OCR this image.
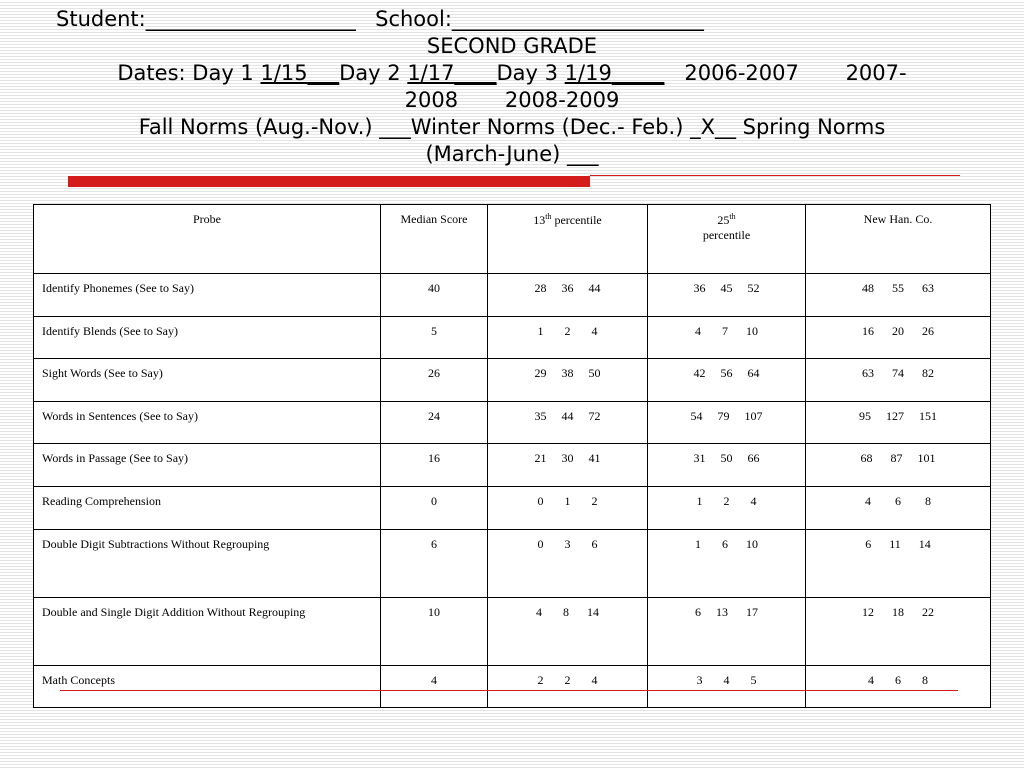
Student:____________________ School:________________________
SECOND GRADE
Dates: Day 1 1/15___Day 2 1/17____Day 3 1/19_____ 2006-2007       2007-
2008       2008-2009
Fall Norms (Aug.-Nov.) ___Winter Norms (Dec.- Feb.) _X__ Spring Norms
(March-June) ___
Probe	Median Score	13th percentile	25th
percentile	New Han. Co.
Identify Phonemes (See to Say)	40	28     36     44	36     45     52	48      55      63
Identify Blends (See to Say)	5	1       2       4	4       7      10	16      20      26
Sight Words (See to Say)	26	29     38     50	42     56     64	63      74      82
Words in Sentences (See to Say)	24	35     44     72	54     79     107	95     127     151
Words in Passage (See to Say)	16	21     30     41	31     50     66	68      87     101
Reading Comprehension	0	0       1       2	1       2       4	4        6        8
Double Digit Subtractions Without Regrouping	6	0       3       6	1       6      10	6      11      14
Double and Single Digit Addition Without Regrouping	10	4       8      14	6     13      17	12      18      22
Math Concepts	4	2       2       4	3       4       5	4       6       8
